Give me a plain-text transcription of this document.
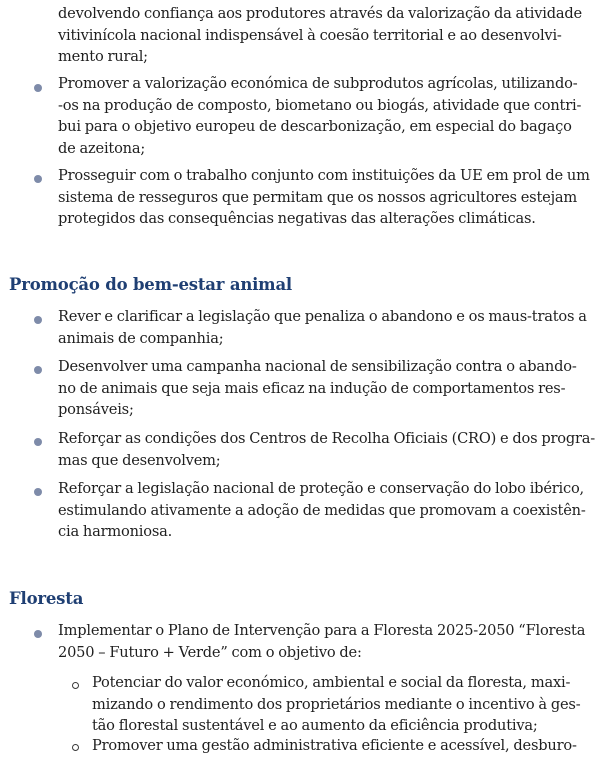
devolvendo confiança aos produtores através da valorização da atividade
vitivinícola nacional indispensável à coesão territorial e ao desenvolvi-
mento rural;
Promover a valorização económica de subprodutos agrícolas, utilizando-
-os na produção de composto, biometano ou biogás, atividade que contri-
bui para o objetivo europeu de descarbonização, em especial do bagaço
de azeitona;
Prosseguir com o trabalho conjunto com instituições da UE em prol de um
sistema de resseguros que permitam que os nossos agricultores estejam
protegidos das consequências negativas das alterações climáticas.
Promoção do bem-estar animal
Rever e clarificar a legislação que penaliza o abandono e os maus-tratos a
animais de companhia;
Desenvolver uma campanha nacional de sensibilização contra o abando-
no de animais que seja mais eficaz na indução de comportamentos res-
ponsáveis;
Reforçar as condições dos Centros de Recolha Oficiais (CRO) e dos progra-
mas que desenvolvem;
Reforçar a legislação nacional de proteção e conservação do lobo ibérico,
estimulando ativamente a adoção de medidas que promovam a coexistên-
cia harmoniosa.
Floresta
Implementar o Plano de Intervenção para a Floresta 2025-2050 “Floresta
2050 – Futuro + Verde” com o objetivo de:
Potenciar do valor económico, ambiental e social da floresta, maxi-
mizando o rendimento dos proprietários mediante o incentivo à ges-
tão florestal sustentável e ao aumento da eficiência produtiva;
Promover uma gestão administrativa eficiente e acessível, desburo-
